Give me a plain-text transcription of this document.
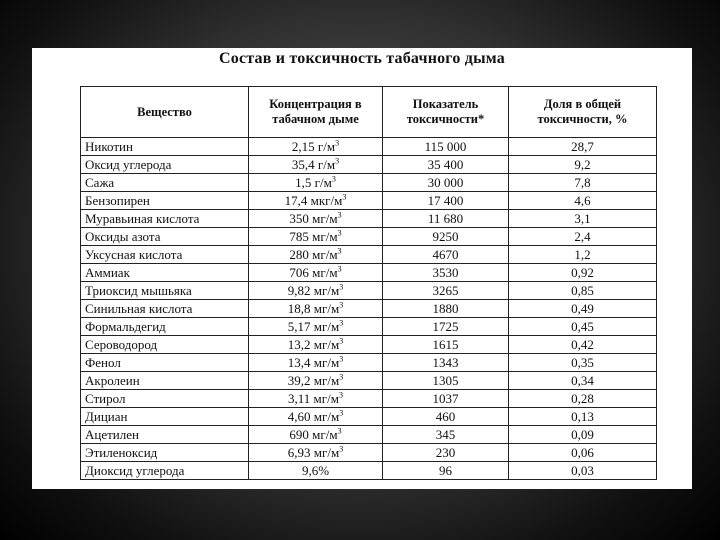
Состав и токсичность табачного дыма
Вещество	Концентрация в табачном дыме	Показатель токсичности*	Доля в общей токсичности, %
Никотин	2,15 $г/м^3$	115 000	28,7
Оксид углерода	35,4 $г/м^3$	35 400	9,2
Сажа	1,5 $г/м^3$	30 000	7,8
Бензопирен	17,4 мкг/$м^3$	17 400	4,6
Муравьиная кислота	350 $мг/м^3$	11 680	3,1
Оксиды азота	785 $мг/м^3$	9250	2,4
Уксусная кислота	280 $мг/м^3$	4670	1,2
Аммиак	706 $мг/м^3$	3530	0,92
Триоксид мышьяка	9,82 $мг/м^3$	3265	0,85
Синильная кислота	18,8 $мг/м^3$	1880	0,49
Формальдегид	5,17 $мг/м^3$	1725	0,45
Сероводород	13,2 $мг/м^3$	1615	0,42
Фенол	13,4 $мг/м^3$	1343	0,35
Акролеин	39,2 $мг/м^3$	1305	0,34
Стирол	3,11 $мг/м^3$	1037	0,28
Дициан	4,60 $мг/м^3$	460	0,13
Ацетилен	690 $мг/м^3$	345	0,09
Этиленоксид	6,93 $мг/м^3$	230	0,06
Диоксид углерода	9,6%	96	0,03
